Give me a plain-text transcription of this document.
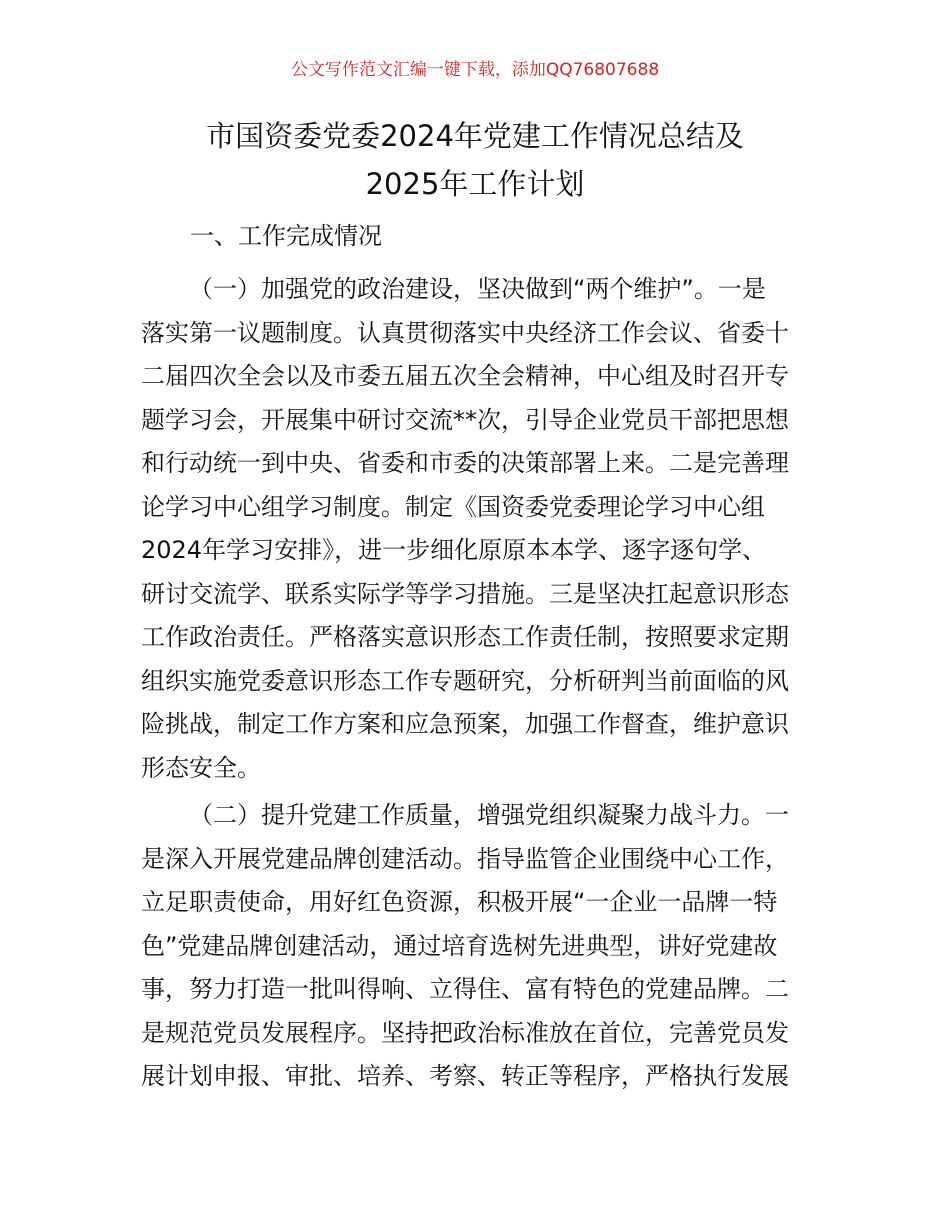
公文写作范文汇编一键下载，添加QQ76807688
市国资委党委2024年党建工作情况总结及
2025年工作计划
一、工作完成情况
（一）加强党的政治建设，坚决做到“两个维护”。一是
落实第一议题制度。认真贯彻落实中央经济工作会议、省委十
二届四次全会以及市委五届五次全会精神，中心组及时召开专
题学习会，开展集中研讨交流**次，引导企业党员干部把思想
和行动统一到中央、省委和市委的决策部署上来。二是完善理
论学习中心组学习制度。制定《国资委党委理论学习中心组
2024年学习安排》，进一步细化原原本本学、逐字逐句学、
研讨交流学、联系实际学等学习措施。三是坚决扛起意识形态
工作政治责任。严格落实意识形态工作责任制，按照要求定期
组织实施党委意识形态工作专题研究，分析研判当前面临的风
险挑战，制定工作方案和应急预案，加强工作督查，维护意识
形态安全。
（二）提升党建工作质量，增强党组织凝聚力战斗力。一
是深入开展党建品牌创建活动。指导监管企业围绕中心工作，
立足职责使命，用好红色资源，积极开展“一企业一品牌一特
色”党建品牌创建活动，通过培育选树先进典型，讲好党建故
事，努力打造一批叫得响、立得住、富有特色的党建品牌。二
是规范党员发展程序。坚持把政治标准放在首位，完善党员发
展计划申报、审批、培养、考察、转正等程序，严格执行发展
